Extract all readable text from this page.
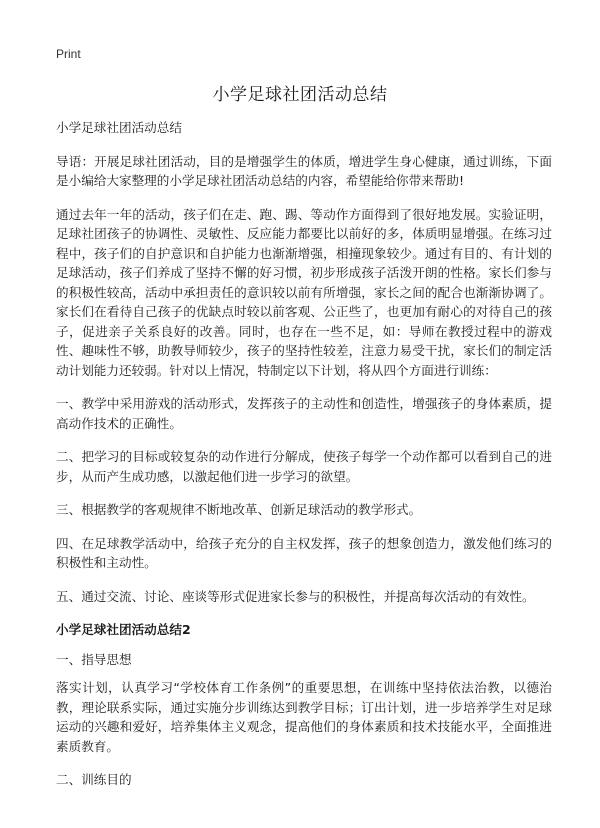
Print
小学足球社团活动总结

小学足球社团活动总结

导语：开展足球社团活动，目的是增强学生的体质，增进学生身心健康，通过训练，下面是小编给大家整理的小学足球社团活动总结的内容，希望能给你带来帮助!

通过去年一年的活动，孩子们在走、跑、踢、等动作方面得到了很好地发展。实验证明，足球社团孩子的协调性、灵敏性、反应能力都要比以前好的多，体质明显增强。在练习过程中，孩子们的自护意识和自护能力也渐渐增强，相撞现象较少。通过有目的、有计划的足球活动，孩子们养成了坚持不懈的好习惯，初步形成孩子活泼开朗的性格。家长们参与的积极性较高，活动中承担责任的意识较以前有所增强，家长之间的配合也渐渐协调了。家长们在看待自己孩子的优缺点时较以前客观、公正些了，也更加有耐心的对待自己的孩子，促进亲子关系良好的改善。同时，也存在一些不足，如：导师在教授过程中的游戏性、趣味性不够，助教导师较少，孩子的坚持性较差，注意力易受干扰，家长们的制定活动计划能力还较弱。针对以上情况，特制定以下计划，将从四个方面进行训练：

一、教学中采用游戏的活动形式，发挥孩子的主动性和创造性，增强孩子的身体素质，提高动作技术的正确性。

二、把学习的目标或较复杂的动作进行分解成，使孩子每学一个动作都可以看到自己的进步，从而产生成功感，以激起他们进一步学习的欲望。

三、根据教学的客观规律不断地改革、创新足球活动的教学形式。

四、在足球教学活动中，给孩子充分的自主权发挥，孩子的想象创造力，激发他们练习的积极性和主动性。

五、通过交流、讨论、座谈等形式促进家长参与的积极性，并提高每次活动的有效性。

小学足球社团活动总结2

一、指导思想

落实计划，认真学习“学校体育工作条例”的重要思想，在训练中坚持依法治教，以德治教，理论联系实际，通过实施分步训练达到教学目标；订出计划，进一步培养学生对足球运动的兴趣和爱好，培养集体主义观念，提高他们的身体素质和技术技能水平，全面推进素质教育。

二、训练目的
